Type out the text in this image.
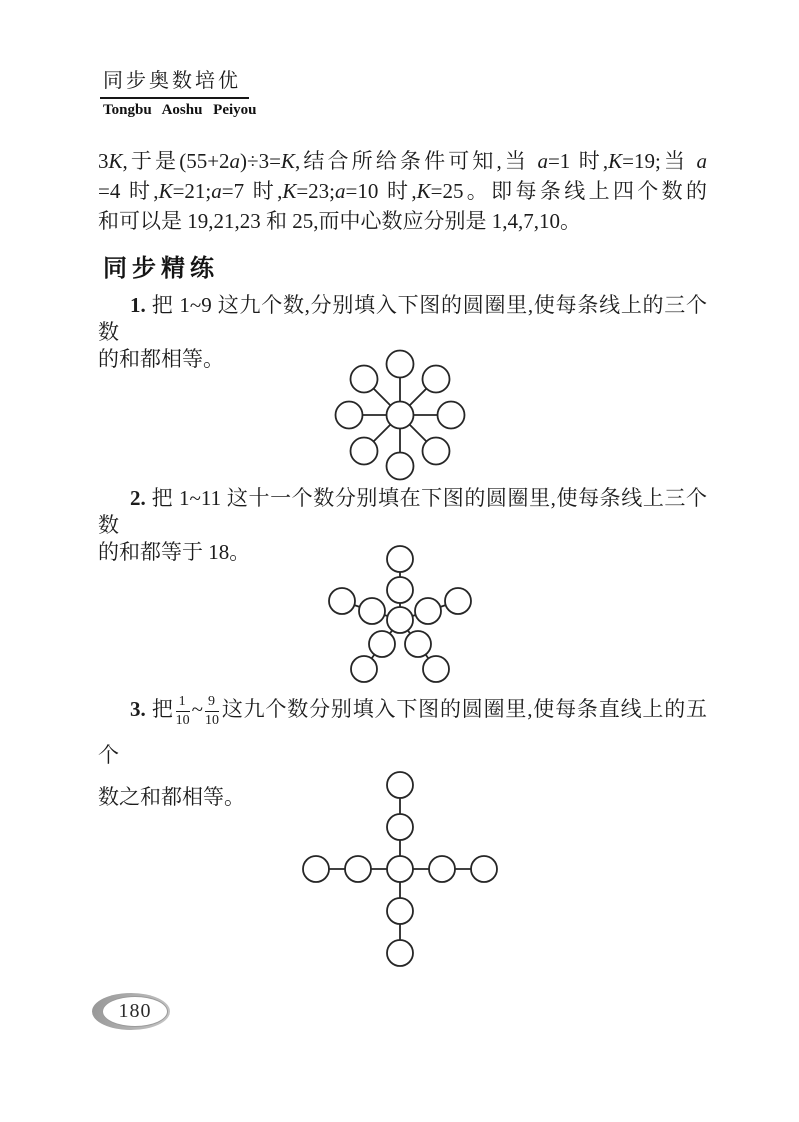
同步奥数培优
Tongbu Aoshu Peiyou
3K,于是(55+2a)÷3=K,结合所给条件可知,当 a=1 时,K=19;当 a
=4 时,K=21;a=7 时,K=23;a=10 时,K=25。即每条线上四个数的
和可以是 19,21,23 和 25,而中心数应分别是 1,4,7,10。
同步精练
1. 把 1~9 这九个数,分别填入下图的圆圈里,使每条线上的三个数
的和都相等。
2. 把 1~11 这十一个数分别填在下图的圆圈里,使每条线上三个数
的和都等于 18。
3. 把 $\frac{1}{10}$ ~ $\frac{9}{10}$ 这九个数分别填入下图的圆圈里,使每条直线上的五个
数之和都相等。
180
